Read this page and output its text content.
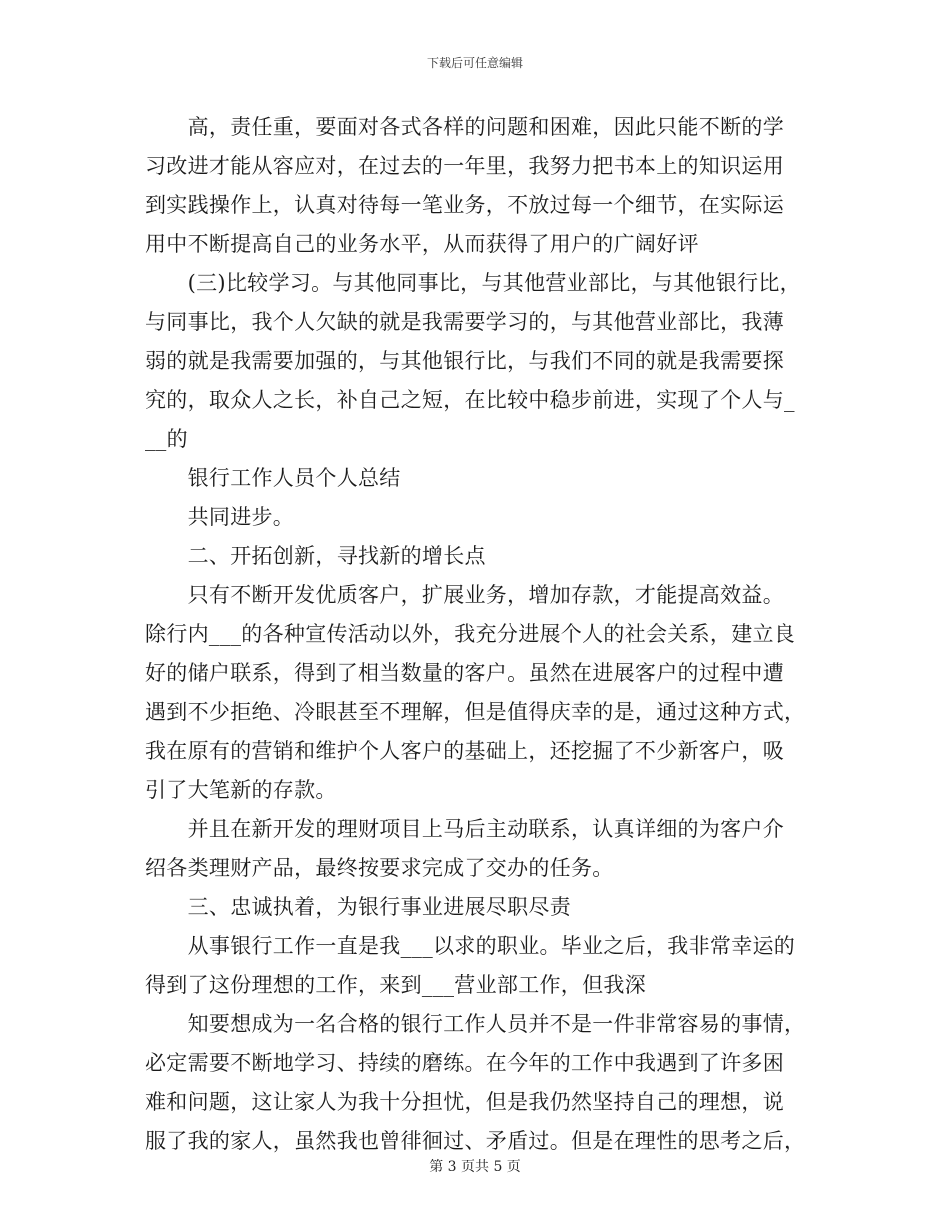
下载后可任意编辑
　　高，责任重，要面对各式各样的问题和困难，因此只能不断的学
习改进才能从容应对，在过去的一年里，我努力把书本上的知识运用
到实践操作上，认真对待每一笔业务，不放过每一个细节，在实际运
用中不断提高自己的业务水平，从而获得了用户的广阔好评
　　(三)比较学习。与其他同事比，与其他营业部比，与其他银行比，
与同事比，我个人欠缺的就是我需要学习的，与其他营业部比，我薄
弱的就是我需要加强的，与其他银行比，与我们不同的就是我需要探
究的，取众人之长，补自己之短，在比较中稳步前进，实现了个人与_
__的
　　银行工作人员个人总结
　　共同进步。
　　二、开拓创新，寻找新的增长点
　　只有不断开发优质客户，扩展业务，增加存款，才能提高效益。
除行内___的各种宣传活动以外，我充分进展个人的社会关系，建立良
好的储户联系，得到了相当数量的客户。虽然在进展客户的过程中遭
遇到不少拒绝、冷眼甚至不理解，但是值得庆幸的是，通过这种方式，
我在原有的营销和维护个人客户的基础上，还挖掘了不少新客户，吸
引了大笔新的存款。
　　并且在新开发的理财项目上马后主动联系，认真详细的为客户介
绍各类理财产品，最终按要求完成了交办的任务。
　　三、忠诚执着，为银行事业进展尽职尽责
　　从事银行工作一直是我___以求的职业。毕业之后，我非常幸运的
得到了这份理想的工作，来到___营业部工作，但我深
　　知要想成为一名合格的银行工作人员并不是一件非常容易的事情，
必定需要不断地学习、持续的磨练。在今年的工作中我遇到了许多困
难和问题，这让家人为我十分担忧，但是我仍然坚持自己的理想，说
服了我的家人，虽然我也曾徘徊过、矛盾过。但是在理性的思考之后，
第 3 页共 5 页
